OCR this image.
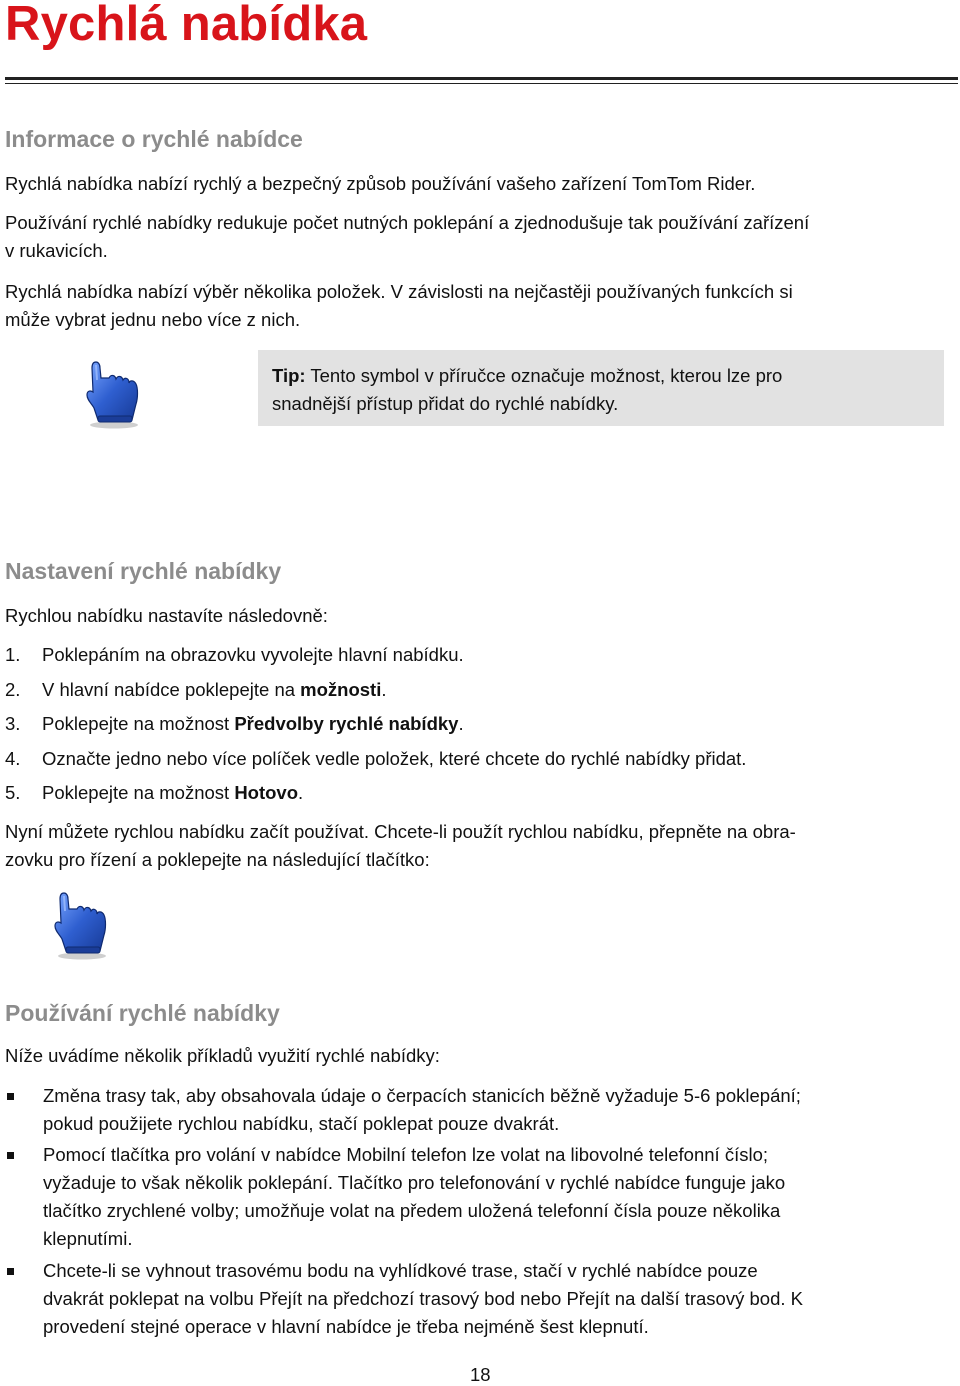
Rychlá nabídka
Informace o rychlé nabídce

Rychlá nabídka nabízí rychlý a bezpečný způsob používání vašeho zařízení TomTom Rider.

Používání rychlé nabídky redukuje počet nutných poklepání a zjednodušuje tak používání zařízení

v rukavicích.

Rychlá nabídka nabízí výběr několika položek. V závislosti na nejčastěji používaných funkcích si

může vybrat jednu nebo více z nich.

Tip: Tento symbol v příručce označuje možnost, kterou lze pro
snadnější přístup přidat do rychlé nabídky.
Nastavení rychlé nabídky

Rychlou nabídku nastavíte následovně:

1. Poklepáním na obrazovku vyvolejte hlavní nabídku.
2. V hlavní nabídce poklepejte na možnosti.
3. Poklepejte na možnost Předvolby rychlé nabídky.
4. Označte jedno nebo více políček vedle položek, které chcete do rychlé nabídky přidat.
5. Poklepejte na možnost Hotovo.

Nyní můžete rychlou nabídku začít používat. Chcete-li použít rychlou nabídku, přepněte na obra-

zovku pro řízení a poklepejte na následující tlačítko:

Používání rychlé nabídky

Níže uvádíme několik příkladů využití rychlé nabídky:

Změna trasy tak, aby obsahovala údaje o čerpacích stanicích běžně vyžaduje 5-6 poklepání;
pokud použijete rychlou nabídku, stačí poklepat pouze dvakrát.
Pomocí tlačítka pro volání v nabídce Mobilní telefon lze volat na libovolné telefonní číslo;
vyžaduje to však několik poklepání. Tlačítko pro telefonování v rychlé nabídce funguje jako
tlačítko zrychlené volby; umožňuje volat na předem uložená telefonní čísla pouze několika
klepnutími.
Chcete-li se vyhnout trasovému bodu na vyhlídkové trase, stačí v rychlé nabídce pouze
dvakrát poklepat na volbu Přejít na předchozí trasový bod nebo Přejít na další trasový bod. K
provedení stejné operace v hlavní nabídce je třeba nejméně šest klepnutí.
18
